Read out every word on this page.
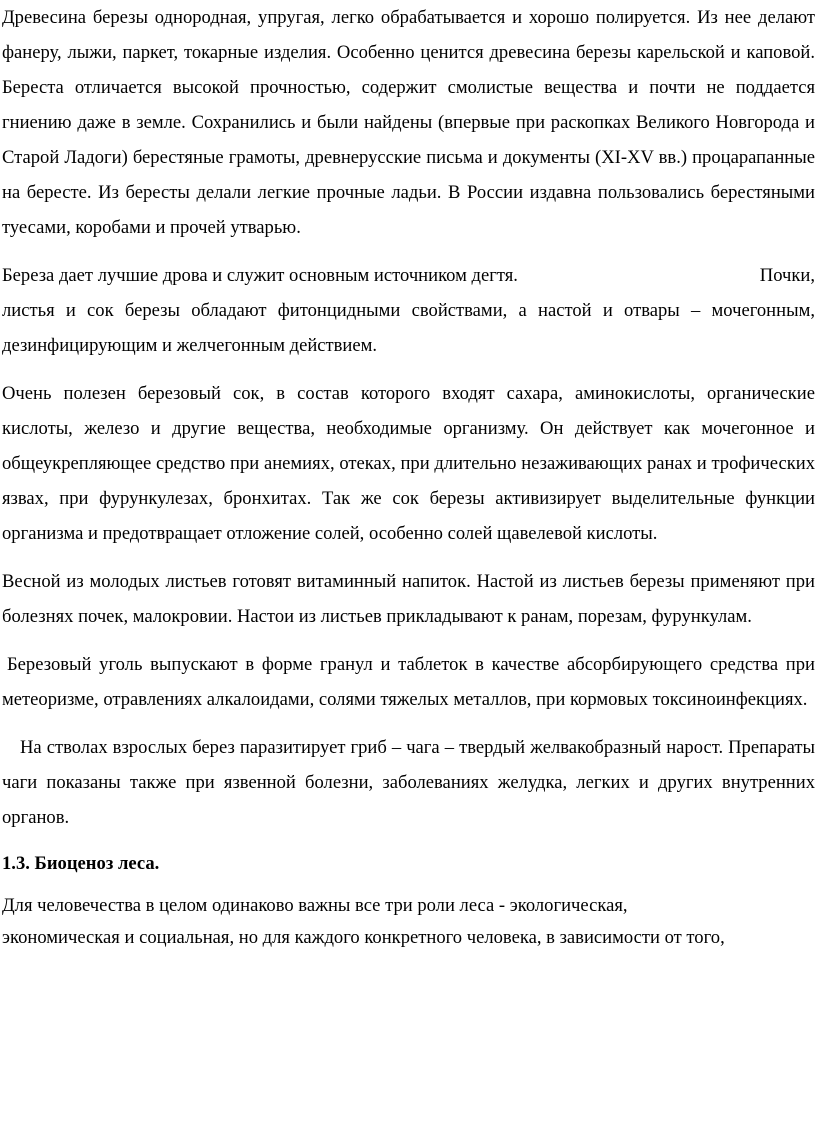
Древесина березы однородная, упругая, легко обрабатывается и хорошо полируется. Из нее делают фанеру, лыжи, паркет, токарные изделия. Особенно ценится древесина березы карельской и каповой. Береста отличается высокой прочностью, содержит смолистые вещества и почти не поддается гниению даже в земле. Сохранились и были найдены (впервые при раскопках Великого Новгорода и Старой Ладоги) берестяные грамоты, древнерусские письма и документы (XI-XV вв.) процарапанные на бересте. Из бересты делали легкие прочные ладьи. В России издавна пользовались берестяными туесами, коробами и прочей утварью.

Береза дает лучшие дрова и служит основным источником дегтя.	Почки,
листья и сок березы обладают фитонцидными свойствами, а настой и отвары – мочегонным, дезинфицирующим и желчегонным действием.

Очень полезен березовый сок, в состав которого входят сахара, аминокислоты, органические кислоты, железо и другие вещества, необходимые организму. Он действует как мочегонное и общеукрепляющее средство при анемиях, отеках, при длительно незаживающих ранах и трофических язвах, при фурункулезах, бронхитах. Так же сок березы активизирует выделительные функции организма и предотвращает отложение солей, особенно солей щавелевой кислоты.

Весной из молодых листьев готовят витаминный напиток. Настой из листьев березы применяют при болезнях почек, малокровии. Настои из листьев прикладывают к ранам, порезам, фурункулам.

Березовый уголь выпускают в форме гранул и таблеток в качестве абсорбирующего средства при метеоризме, отравлениях алкалоидами, солями тяжелых металлов, при кормовых токсиноинфекциях.

На стволах взрослых берез паразитирует гриб – чага – твердый желвакобразный нарост. Препараты чаги показаны также при язвенной болезни, заболеваниях желудка, легких и других внутренних органов.

1.3. Биоценоз леса.

Для человечества в целом одинаково важны все три роли леса - экологическая,
экономическая и социальная, но для каждого конкретного человека, в зависимости от того,
